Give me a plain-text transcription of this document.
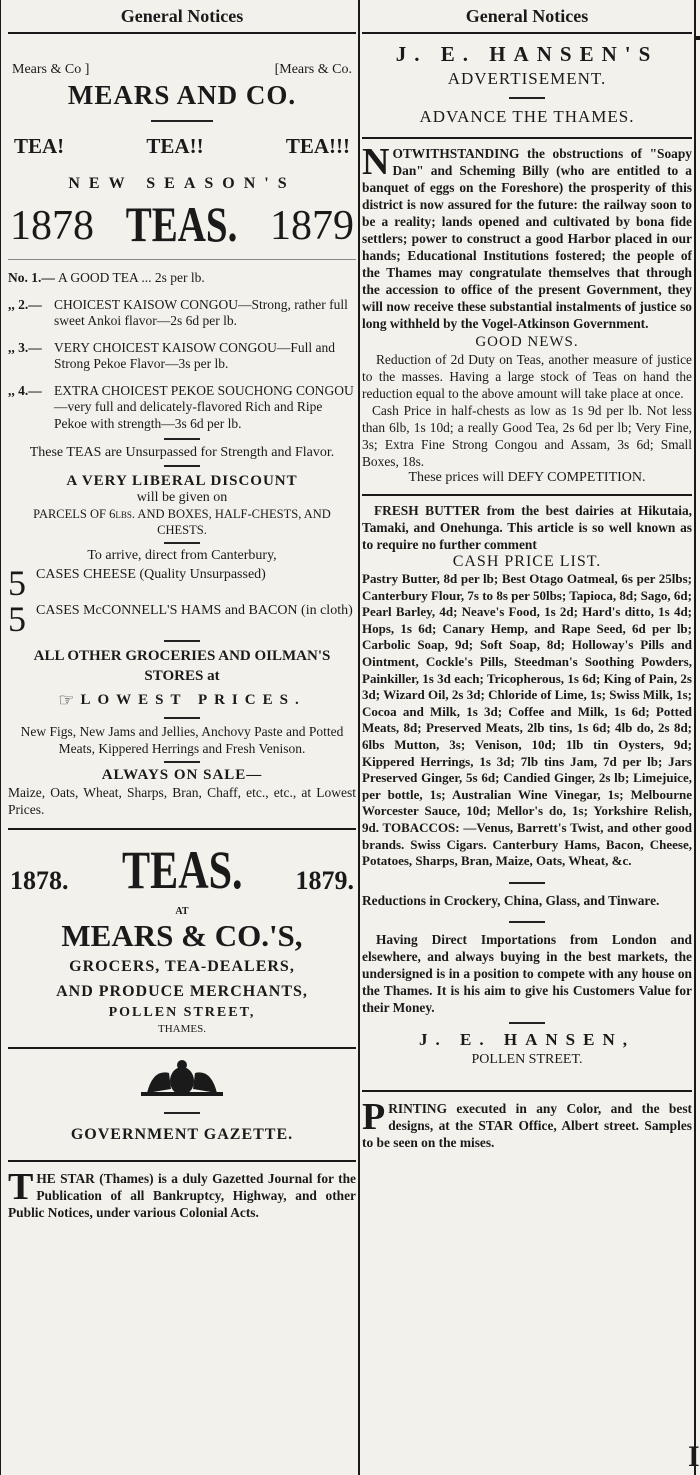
General Notices
Mears & Co ]	[Mears & Co.
MEARS AND CO.
TEA!	TEA!!	TEA!!!
NEW SEASON'S
1878 TEAS. 1879
No. 1.— A GOOD TEA ... 2s per lb.
,, 2.— CHOICEST KAISOW CONGOU—Strong, rather full sweet Ankoi flavor—2s 6d per lb.
,, 3.— VERY CHOICEST KAISOW CONGOU—Full and Strong Pekoe Flavor—3s per lb.
,, 4.— EXTRA CHOICEST PEKOE SOUCHONG CONGOU—very full and delicately-flavored Rich and Ripe Pekoe with strength—3s 6d per lb.
These TEAS are Unsurpassed for Strength and Flavor.
A VERY LIBERAL DISCOUNT
will be given on
PARCELS OF 6lbs. AND BOXES, HALF-CHESTS, AND CHESTS.
To arrive, direct from Canterbury,
5 CASES CHEESE (Quality Unsurpassed)
5 CASES McCONNELL'S HAMS and BACON (in cloth)
ALL OTHER GROCERIES AND OILMAN'S STORES at
☞ LOWEST PRICES.
New Figs, New Jams and Jellies, Anchovy Paste and Potted Meats, Kippered Herrings and Fresh Venison.
ALWAYS ON SALE—
Maize, Oats, Wheat, Sharps, Bran, Chaff, etc., etc., at Lowest Prices.
1878. TEAS. 1879.
AT
MEARS & CO.'S,
GROCERS, TEA-DEALERS,
AND PRODUCE MERCHANTS,
POLLEN STREET,
THAMES.
GOVERNMENT GAZETTE.
T HE STAR (Thames) is a duly Gazetted Journal for the Publication of all Bankruptcy, Highway, and other Public Notices, under various Colonial Acts.
General Notices
J. E. HANSEN'S
ADVERTISEMENT.
ADVANCE THE THAMES.
N OTWITHSTANDING the obstructions of "Soapy Dan" and Scheming Billy (who are entitled to a banquet of eggs on the Foreshore) the prosperity of this district is now assured for the future: the railway soon to be a reality; lands opened and cultivated by bona fide settlers; power to construct a good Harbor placed in our hands; Educational Institutions fostered; the people of the Thames may congratulate themselves that through the accession to office of the present Government, they will now receive these substantial instalments of justice so long withheld by the Vogel-Atkinson Government.
GOOD NEWS.
Reduction of 2d Duty on Teas, another measure of justice to the masses. Having a large stock of Teas on hand the reduction equal to the above amount will take place at once.
Cash Price in half-chests as low as 1s 9d per lb. Not less than 6lb, 1s 10d; a really Good Tea, 2s 6d per lb; Very Fine, 3s; Extra Fine Strong Congou and Assam, 3s 6d; Small Boxes, 18s.
These prices will DEFY COMPETITION.
FRESH BUTTER from the best dairies at Hikutaia, Tamaki, and Onehunga. This article is so well known as to require no further comment
CASH PRICE LIST.
Pastry Butter, 8d per lb; Best Otago Oatmeal, 6s per 25lbs; Canterbury Flour, 7s to 8s per 50lbs; Tapioca, 8d; Sago, 6d; Pearl Barley, 4d; Neave's Food, 1s 2d; Hard's ditto, 1s 4d; Hops, 1s 6d; Canary Hemp, and Rape Seed, 6d per lb; Carbolic Soap, 9d; Soft Soap, 8d; Holloway's Pills and Ointment, Cockle's Pills, Steedman's Soothing Powders, Painkiller, 1s 3d each; Tricopherous, 1s 6d; King of Pain, 2s 3d; Wizard Oil, 2s 3d; Chloride of Lime, 1s; Swiss Milk, 1s; Cocoa and Milk, 1s 3d; Coffee and Milk, 1s 6d; Potted Meats, 8d; Preserved Meats, 2lb tins, 1s 6d; 4lb do, 2s 8d; 6lbs Mutton, 3s; Venison, 10d; 1lb tin Oysters, 9d; Kippered Herrings, 1s 3d; 7lb tins Jam, 7d per lb; Jars Preserved Ginger, 5s 6d; Candied Ginger, 2s lb; Limejuice, per bottle, 1s; Australian Wine Vinegar, 1s; Melbourne Worcester Sauce, 10d; Mellor's do, 1s; Yorkshire Relish, 9d. TOBACCOS: —Venus, Barrett's Twist, and other good brands. Swiss Cigars. Canterbury Hams, Bacon, Cheese, Potatoes, Sharps, Bran, Maize, Oats, Wheat, &c.
Reductions in Crockery, China, Glass, and Tinware.
Having Direct Importations from London and elsewhere, and always buying in the best markets, the undersigned is in a position to compete with any house on the Thames. It is his aim to give his Customers Value for their Money.
J. E. HANSEN,
POLLEN STREET.
P RINTING executed in any Color, and the best designs, at the STAR Office, Albert street. Samples to be seen on the mises.
I
